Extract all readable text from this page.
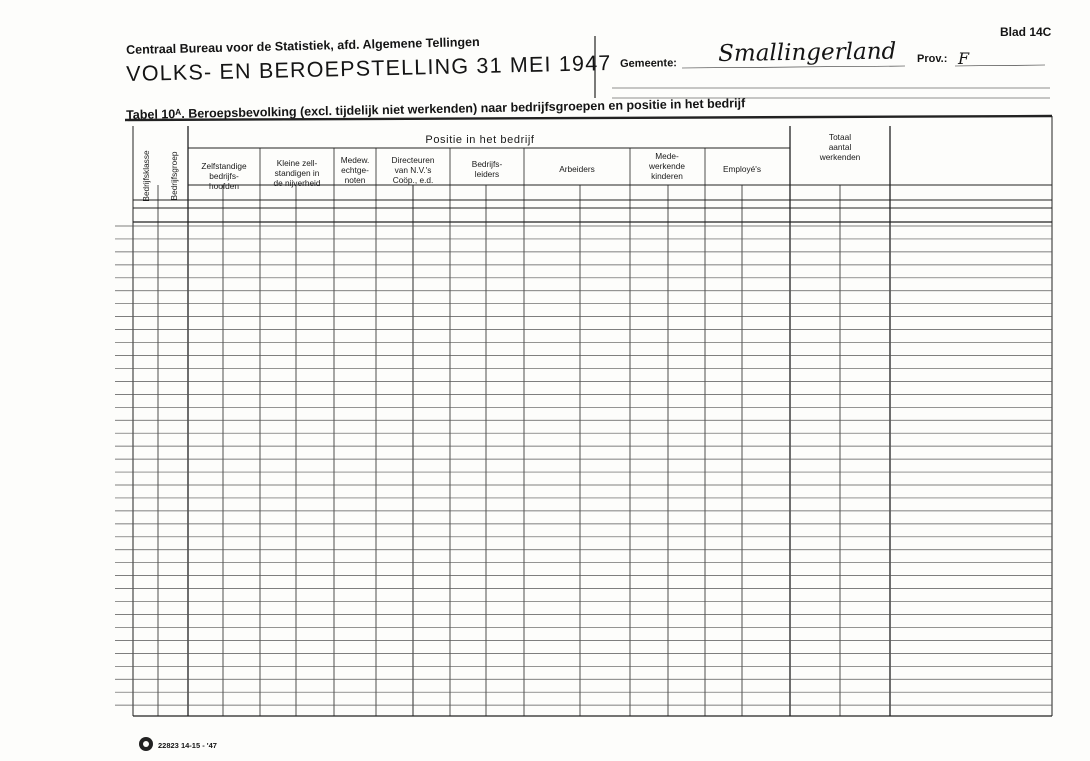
Centraal Bureau voor de Statistiek, afd. Algemene Tellingen
VOLKS- EN BEROEPSTELLING 31 MEI 1947
Tabel 10ᴬ. Beroepsbevolking (excl. tijdelijk niet werkenden) naar bedrijfsgroepen en positie in het bedrijf
Gemeente: Smallingerland Prov.: F
Blad 14C
Bedrijfsklasse Bedrijfsgroep
Positie in het bedrijf
Zelfstandige
bedrijfs-
hoofden
Kleine zell-
standigen in
de nijverheid
Medew.
echtge-
noten
Directeuren
van N.V.'s
Coöp., e.d.
Bedrijfs-
leiders	Arbeiders
Mede-
werkende
kinderen
Employé's
Totaal
aantal
werkenden
22823 14-15 - '47
